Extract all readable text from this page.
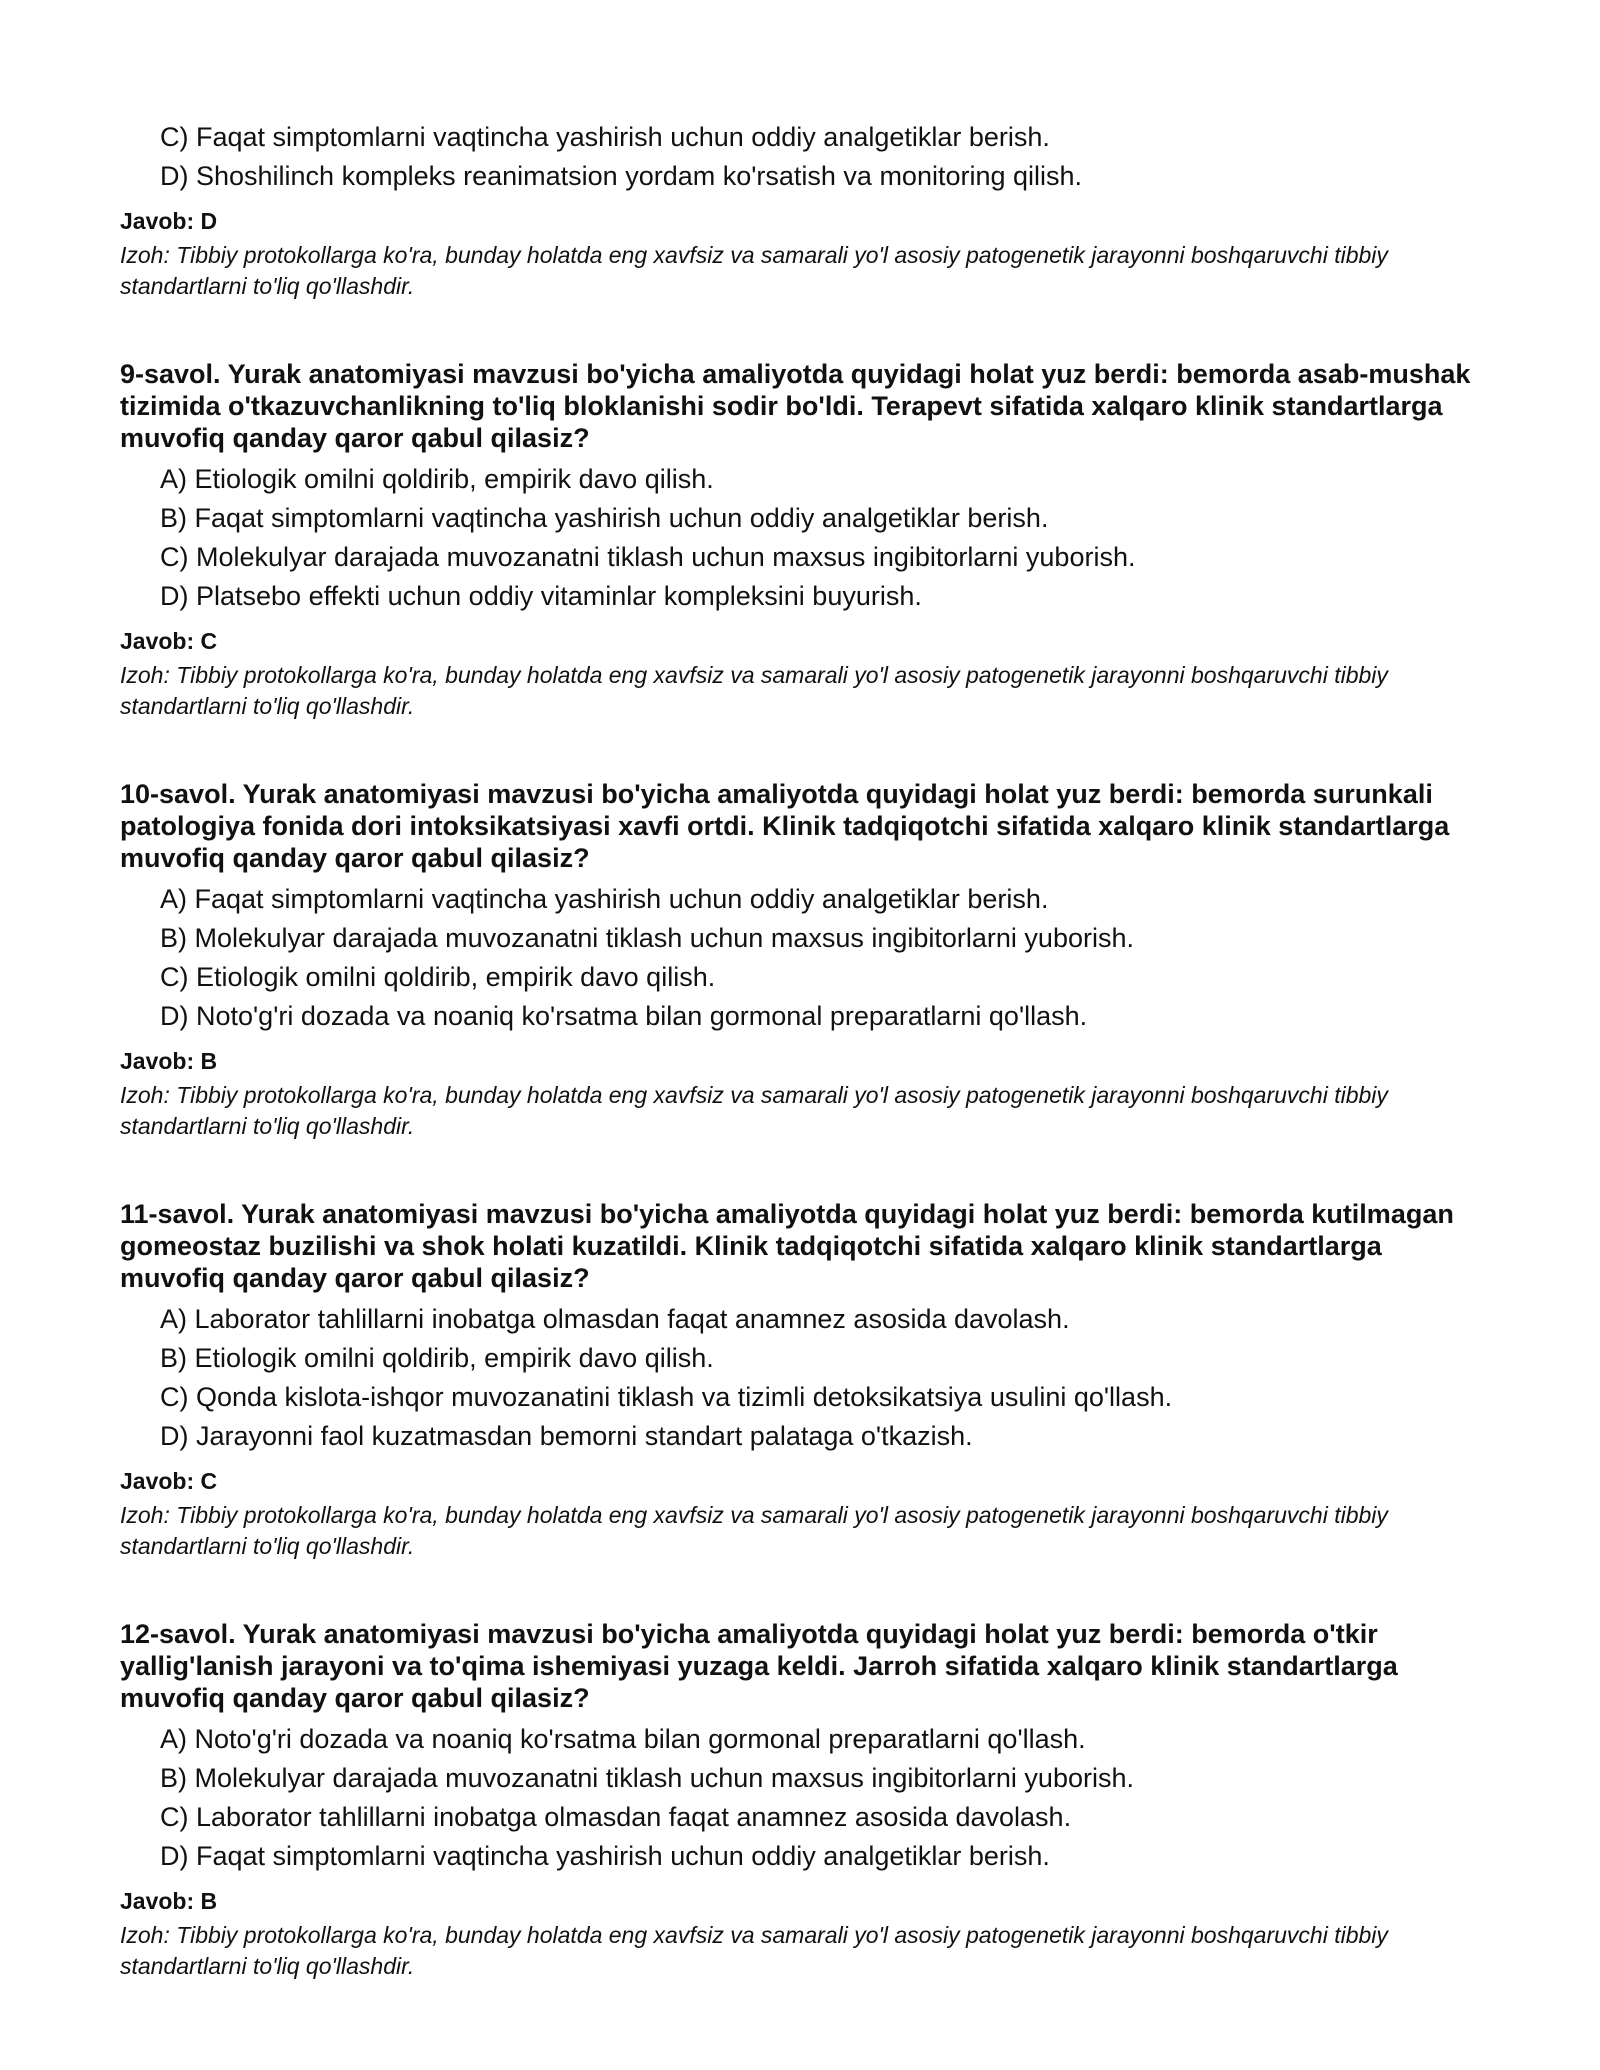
C) Faqat simptomlarni vaqtincha yashirish uchun oddiy analgetiklar berish.
D) Shoshilinch kompleks reanimatsion yordam ko'rsatish va monitoring qilish.
Javob: D
Izoh: Tibbiy protokollarga ko'ra, bunday holatda eng xavfsiz va samarali yo'l asosiy patogenetik jarayonni boshqaruvchi tibbiy standartlarni to'liq qo'llashdir.
9-savol. Yurak anatomiyasi mavzusi bo'yicha amaliyotda quyidagi holat yuz berdi: bemorda asab-mushak tizimida o'tkazuvchanlikning to'liq bloklanishi sodir bo'ldi. Terapevt sifatida xalqaro klinik standartlarga muvofiq qanday qaror qabul qilasiz?
A) Etiologik omilni qoldirib, empirik davo qilish.
B) Faqat simptomlarni vaqtincha yashirish uchun oddiy analgetiklar berish.
C) Molekulyar darajada muvozanatni tiklash uchun maxsus ingibitorlarni yuborish.
D) Platsebo effekti uchun oddiy vitaminlar kompleksini buyurish.
Javob: C
Izoh: Tibbiy protokollarga ko'ra, bunday holatda eng xavfsiz va samarali yo'l asosiy patogenetik jarayonni boshqaruvchi tibbiy standartlarni to'liq qo'llashdir.
10-savol. Yurak anatomiyasi mavzusi bo'yicha amaliyotda quyidagi holat yuz berdi: bemorda surunkali patologiya fonida dori intoksikatsiyasi xavfi ortdi. Klinik tadqiqotchi sifatida xalqaro klinik standartlarga muvofiq qanday qaror qabul qilasiz?
A) Faqat simptomlarni vaqtincha yashirish uchun oddiy analgetiklar berish.
B) Molekulyar darajada muvozanatni tiklash uchun maxsus ingibitorlarni yuborish.
C) Etiologik omilni qoldirib, empirik davo qilish.
D) Noto'g'ri dozada va noaniq ko'rsatma bilan gormonal preparatlarni qo'llash.
Javob: B
Izoh: Tibbiy protokollarga ko'ra, bunday holatda eng xavfsiz va samarali yo'l asosiy patogenetik jarayonni boshqaruvchi tibbiy standartlarni to'liq qo'llashdir.
11-savol. Yurak anatomiyasi mavzusi bo'yicha amaliyotda quyidagi holat yuz berdi: bemorda kutilmagan gomeostaz buzilishi va shok holati kuzatildi. Klinik tadqiqotchi sifatida xalqaro klinik standartlarga muvofiq qanday qaror qabul qilasiz?
A) Laborator tahlillarni inobatga olmasdan faqat anamnez asosida davolash.
B) Etiologik omilni qoldirib, empirik davo qilish.
C) Qonda kislota-ishqor muvozanatini tiklash va tizimli detoksikatsiya usulini qo'llash.
D) Jarayonni faol kuzatmasdan bemorni standart palataga o'tkazish.
Javob: C
Izoh: Tibbiy protokollarga ko'ra, bunday holatda eng xavfsiz va samarali yo'l asosiy patogenetik jarayonni boshqaruvchi tibbiy standartlarni to'liq qo'llashdir.
12-savol. Yurak anatomiyasi mavzusi bo'yicha amaliyotda quyidagi holat yuz berdi: bemorda o'tkir yallig'lanish jarayoni va to'qima ishemiyasi yuzaga keldi. Jarroh sifatida xalqaro klinik standartlarga muvofiq qanday qaror qabul qilasiz?
A) Noto'g'ri dozada va noaniq ko'rsatma bilan gormonal preparatlarni qo'llash.
B) Molekulyar darajada muvozanatni tiklash uchun maxsus ingibitorlarni yuborish.
C) Laborator tahlillarni inobatga olmasdan faqat anamnez asosida davolash.
D) Faqat simptomlarni vaqtincha yashirish uchun oddiy analgetiklar berish.
Javob: B
Izoh: Tibbiy protokollarga ko'ra, bunday holatda eng xavfsiz va samarali yo'l asosiy patogenetik jarayonni boshqaruvchi tibbiy standartlarni to'liq qo'llashdir.
